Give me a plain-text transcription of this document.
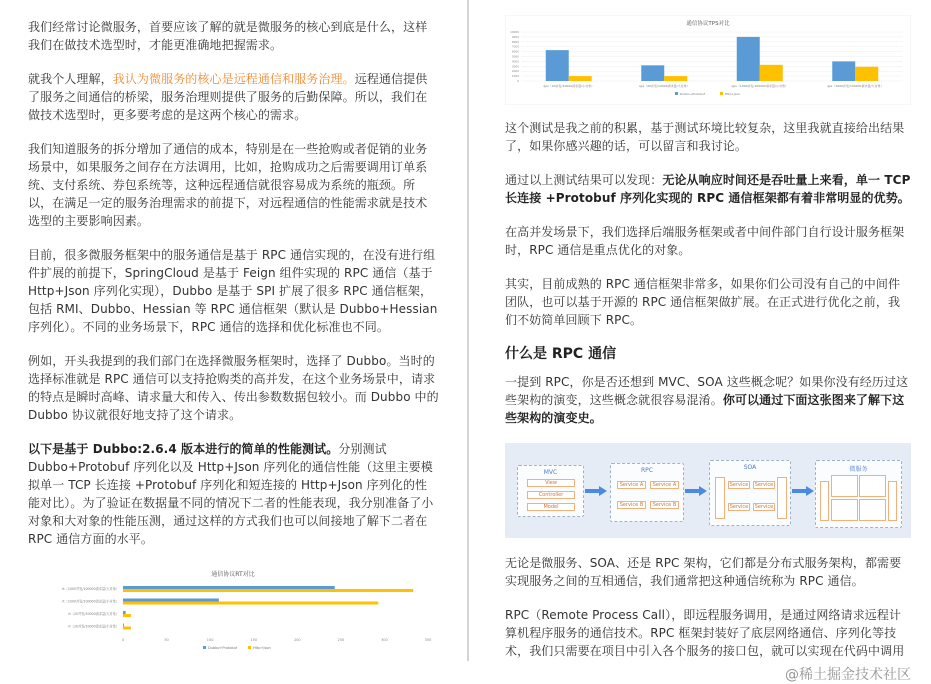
我们经常讨论微服务，首要应该了解的就是微服务的核心到底是什么，这样我们在做技术选型时，才能更准确地把握需求。

就我个人理解，我认为微服务的核心是远程通信和服务治理。远程通信提供了服务之间通信的桥梁，服务治理则提供了服务的后勤保障。所以，我们在做技术选型时，更多要考虑的是这两个核心的需求。

我们知道服务的拆分增加了通信的成本，特别是在一些抢购或者促销的业务场景中，如果服务之间存在方法调用，比如，抢购成功之后需要调用订单系统、支付系统、券包系统等，这种远程通信就很容易成为系统的瓶颈。所以，在满足一定的服务治理需求的前提下，对远程通信的性能需求就是技术选型的主要影响因素。

目前，很多微服务框架中的服务通信是基于 RPC 通信实现的，在没有进行组件扩展的前提下，SpringCloud 是基于 Feign 组件实现的 RPC 通信（基于 Http+Json 序列化实现），Dubbo 是基于 SPI 扩展了很多 RPC 通信框架，包括 RMI、Dubbo、Hessian 等 RPC 通信框架（默认是 Dubbo+Hessian 序列化）。不同的业务场景下，RPC 通信的选择和优化标准也不同。

例如，开头我提到的我们部门在选择微服务框架时，选择了 Dubbo。当时的选择标准就是 RPC 通信可以支持抢购类的高并发，在这个业务场景中，请求的特点是瞬时高峰、请求量大和传入、传出参数数据包较小。而 Dubbo 中的 Dubbo 协议就很好地支持了这个请求。

以下是基于 Dubbo:2.6.4 版本进行的简单的性能测试。分别测试 Dubbo+Protobuf 序列化以及 Http+Json 序列化的通信性能（这里主要模拟单一 TCP 长连接 +Protobuf 序列化和短连接的 Http+Json 序列化的性能对比）。为了验证在数据量不同的情况下二者的性能表现，我分别准备了小对象和大对象的性能压测，通过这样的方式我们也可以间接地了解下二者在 RPC 通信方面的水平。

通信协议RT对比
0	50	100	150	200	250	300	350
rt（1000并发/100000请求量/大对象）
rt（1000并发/100000请求量/小对象）
rt（20并发/10000请求量/大对象）
rt（20并发/10000请求量/小对象）
Dubbo+Protobuf	Http+Json
通信协议TPS对比
0
1000
2000
3000
4000
5000
6000
7000
8000
9000
10000
qps（20并发/10000请求量/小对象）	qps（20并发/10000请求量/大对象）	qps（1000并发/100000请求量/小对象）	qps（1000并发/100000请求量/大对象）
Dubbo+Protobuf	Http+Json

这个测试是我之前的积累，基于测试环境比较复杂，这里我就直接给出结果了，如果你感兴趣的话，可以留言和我讨论。

通过以上测试结果可以发现：无论从响应时间还是吞吐量上来看，单一 TCP 长连接 +Protobuf 序列化实现的 RPC 通信框架都有着非常明显的优势。

在高并发场景下，我们选择后端服务框架或者中间件部门自行设计服务框架时，RPC 通信是重点优化的对象。

其实，目前成熟的 RPC 通信框架非常多，如果你们公司没有自己的中间件团队，也可以基于开源的 RPC 通信框架做扩展。在正式进行优化之前，我们不妨简单回顾下 RPC。

什么是 RPC 通信

一提到 RPC，你是否还想到 MVC、SOA 这些概念呢？如果你没有经历过这些架构的演变，这些概念就很容易混淆。你可以通过下面这张图来了解下这些架构的演变史。

MVC
View
Controller
Model
RPC
Service A	Service A
Service B	Service B
SOA
Service	Service
Service	Service
微服务

无论是微服务、SOA、还是 RPC 架构，它们都是分布式服务架构，都需要实现服务之间的互相通信，我们通常把这种通信统称为 RPC 通信。

RPC（Remote Process Call），即远程服务调用，是通过网络请求远程计算机程序服务的通信技术。RPC 框架封装好了底层网络通信、序列化等技术，我们只需要在项目中引入各个服务的接口包，就可以实现在代码中调用

@稀土掘金技术社区
